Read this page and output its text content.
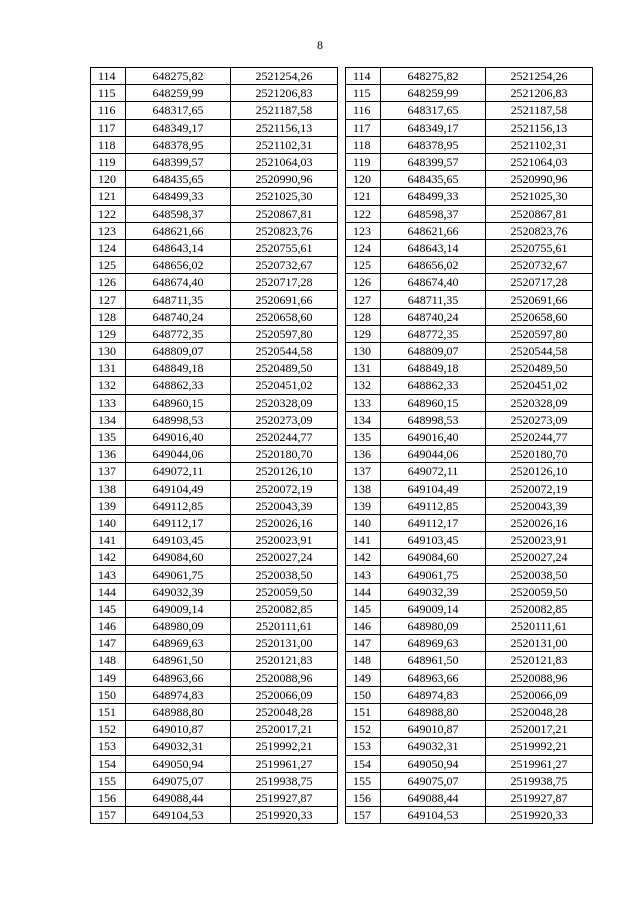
8
114	648275,82	2521254,26
115	648259,99	2521206,83
116	648317,65	2521187,58
117	648349,17	2521156,13
118	648378,95	2521102,31
119	648399,57	2521064,03
120	648435,65	2520990,96
121	648499,33	2521025,30
122	648598,37	2520867,81
123	648621,66	2520823,76
124	648643,14	2520755,61
125	648656,02	2520732,67
126	648674,40	2520717,28
127	648711,35	2520691,66
128	648740,24	2520658,60
129	648772,35	2520597,80
130	648809,07	2520544,58
131	648849,18	2520489,50
132	648862,33	2520451,02
133	648960,15	2520328,09
134	648998,53	2520273,09
135	649016,40	2520244,77
136	649044,06	2520180,70
137	649072,11	2520126,10
138	649104,49	2520072,19
139	649112,85	2520043,39
140	649112,17	2520026,16
141	649103,45	2520023,91
142	649084,60	2520027,24
143	649061,75	2520038,50
144	649032,39	2520059,50
145	649009,14	2520082,85
146	648980,09	2520111,61
147	648969,63	2520131,00
148	648961,50	2520121,83
149	648963,66	2520088,96
150	648974,83	2520066,09
151	648988,80	2520048,28
152	649010,87	2520017,21
153	649032,31	2519992,21
154	649050,94	2519961,27
155	649075,07	2519938,75
156	649088,44	2519927,87
157	649104,53	2519920,33
114	648275,82	2521254,26
115	648259,99	2521206,83
116	648317,65	2521187,58
117	648349,17	2521156,13
118	648378,95	2521102,31
119	648399,57	2521064,03
120	648435,65	2520990,96
121	648499,33	2521025,30
122	648598,37	2520867,81
123	648621,66	2520823,76
124	648643,14	2520755,61
125	648656,02	2520732,67
126	648674,40	2520717,28
127	648711,35	2520691,66
128	648740,24	2520658,60
129	648772,35	2520597,80
130	648809,07	2520544,58
131	648849,18	2520489,50
132	648862,33	2520451,02
133	648960,15	2520328,09
134	648998,53	2520273,09
135	649016,40	2520244,77
136	649044,06	2520180,70
137	649072,11	2520126,10
138	649104,49	2520072,19
139	649112,85	2520043,39
140	649112,17	2520026,16
141	649103,45	2520023,91
142	649084,60	2520027,24
143	649061,75	2520038,50
144	649032,39	2520059,50
145	649009,14	2520082,85
146	648980,09	2520111,61
147	648969,63	2520131,00
148	648961,50	2520121,83
149	648963,66	2520088,96
150	648974,83	2520066,09
151	648988,80	2520048,28
152	649010,87	2520017,21
153	649032,31	2519992,21
154	649050,94	2519961,27
155	649075,07	2519938,75
156	649088,44	2519927,87
157	649104,53	2519920,33
